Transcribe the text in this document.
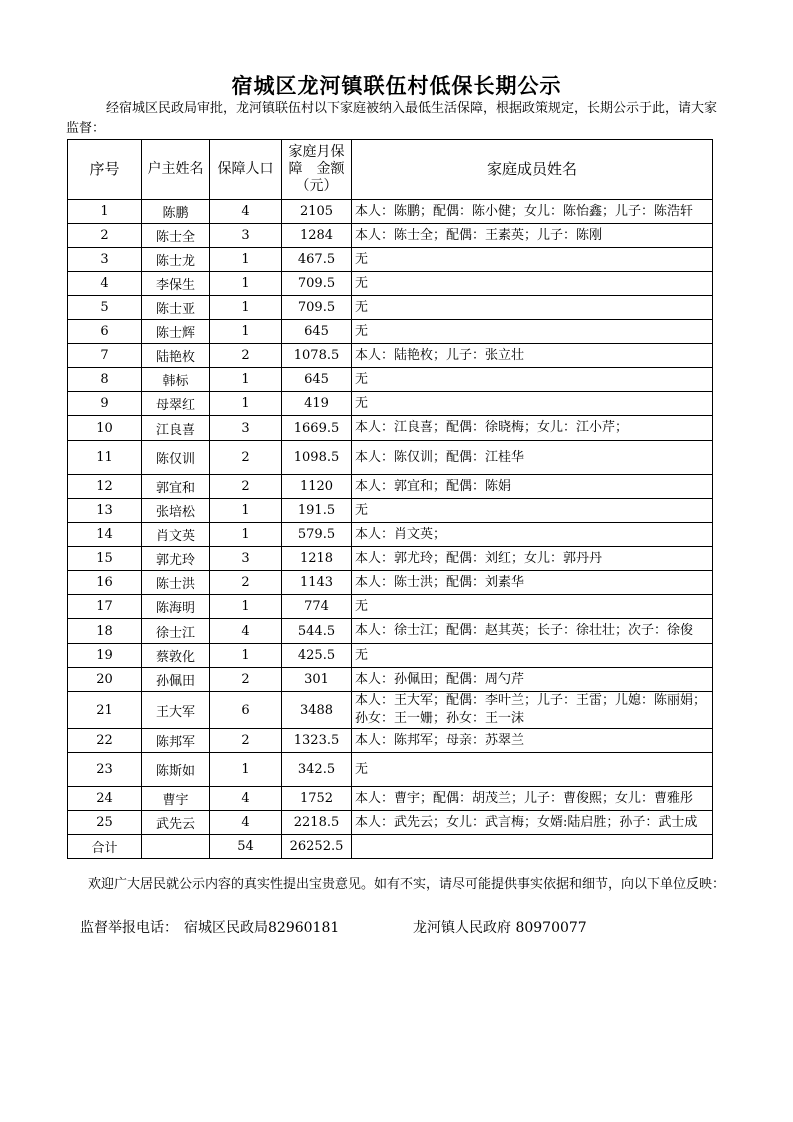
宿城区龙河镇联伍村低保长期公示
经宿城区民政局审批，龙河镇联伍村以下家庭被纳入最低生活保障，根据政策规定，长期公示于此，请大家监督：
序号	户主姓名	保障人口	家庭月保障　金额（元）	家庭成员姓名
1	陈鹏	4	2105	本人：陈鹏；配偶：陈小健；女儿：陈怡鑫；儿子：陈浩轩
2	陈士全	3	1284	本人：陈士全；配偶：王素英；儿子：陈刚
3	陈士龙	1	467.5	无
4	李保生	1	709.5	无
5	陈士亚	1	709.5	无
6	陈士辉	1	645	无
7	陆艳枚	2	1078.5	本人：陆艳枚；儿子：张立壮
8	韩标	1	645	无
9	母翠红	1	419	无
10	江良喜	3	1669.5	本人：江良喜；配偶：徐晓梅；女儿：江小芹；
11	陈仅训	2	1098.5	本人：陈仅训；配偶：江桂华
12	郭宜和	2	1120	本人：郭宜和；配偶：陈娟
13	张培松	1	191.5	无
14	肖文英	1	579.5	本人：肖文英；
15	郭尤玲	3	1218	本人：郭尤玲；配偶：刘红；女儿：郭丹丹
16	陈士洪	2	1143	本人：陈士洪；配偶：刘素华
17	陈海明	1	774	无
18	徐士江	4	544.5	本人：徐士江；配偶：赵其英；长子：徐壮壮；次子：徐俊
19	蔡敦化	1	425.5	无
20	孙佩田	2	301	本人：孙佩田；配偶：周勺芹
21	王大军	6	3488	本人：王大军；配偶：李叶兰；儿子：王雷；儿媳：陈丽娟；孙女：王一姗；孙女：王一沫
22	陈邦军	2	1323.5	本人：陈邦军；母亲：苏翠兰
23	陈斯如	1	342.5	无
24	曹宇	4	1752	本人：曹宇；配偶：胡茂兰；儿子：曹俊熙；女儿：曹雅彤
25	武先云	4	2218.5	本人：武先云；女儿：武言梅；女婿:陆启胜；孙子：武士成
合计		54	26252.5	
欢迎广大居民就公示内容的真实性提出宝贵意见。如有不实，请尽可能提供事实依据和细节，向以下单位反映：
监督举报电话： 宿城区民政局82960181	龙河镇人民政府 80970077
